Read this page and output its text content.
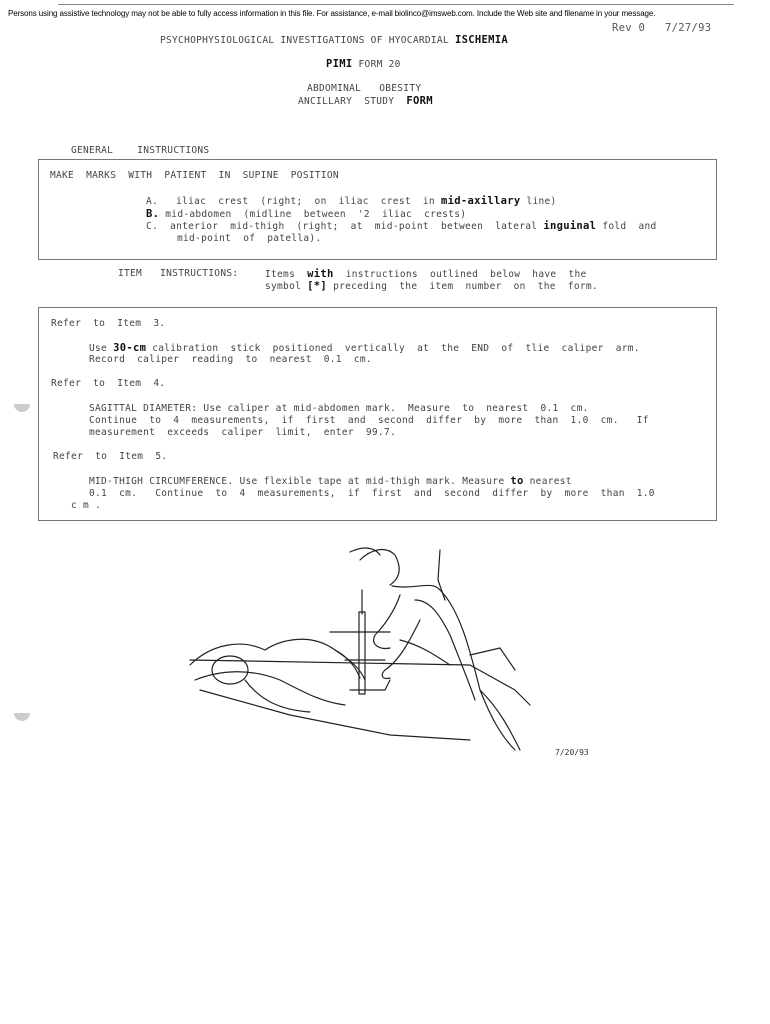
Persons using assistive technology may not be able to fully access information in this file. For assistance, e-mail biolinco@imsweb.com. Include the Web site and filename in your message.
Rev 0   7/27/93
PSYCHOPHYSIOLOGICAL INVESTIGATIONS OF HYOCARDIAL ISCHEMIA
PIMI FORM 20
ABDOMINAL   OBESITY
ANCILLARY  STUDY FORM
GENERAL    INSTRUCTIONS
MAKE  MARKS  WITH  PATIENT  IN  SUPINE  POSITION
A. iliac  crest  (right;  on  iliac  crest  in mid-axillary line)
B. mid-abdomen  (midline  between  '2  iliac  crests)
C. anterior  mid-thigh  (right;  at  mid-point  between  lateral inguinal fold  and
mid-point  of  patella).
ITEM   INSTRUCTIONS:	Items with instructions  outlined  below  have  the
symbol [*] preceding  the  item  number  on  the  form.
Refer  to  Item  3.
Use 30-cm calibration  stick  positioned  vertically  at  the  END  of  tlie  caliper  arm.
Record  caliper  reading  to  nearest  0.1  cm.
Refer  to  Item  4.
SAGITTAL DIAMETER: Use caliper at mid-abdomen mark.  Measure  to  nearest  0.1  cm.
Continue  to  4  measurements,  if  first  and  second  differ  by  more  than  1.0  cm.   If
measurement  exceeds  caliper  limit,  enter  99.7.
Refer  to  Item  5.
MID-THIGH CIRCUMFERENCE. Use flexible tape at mid-thigh mark. Measure to nearest
0.1  cm.   Continue  to  4  measurements,  if  first  and  second  differ  by  more  than  1.0
c m .
7/20/93
